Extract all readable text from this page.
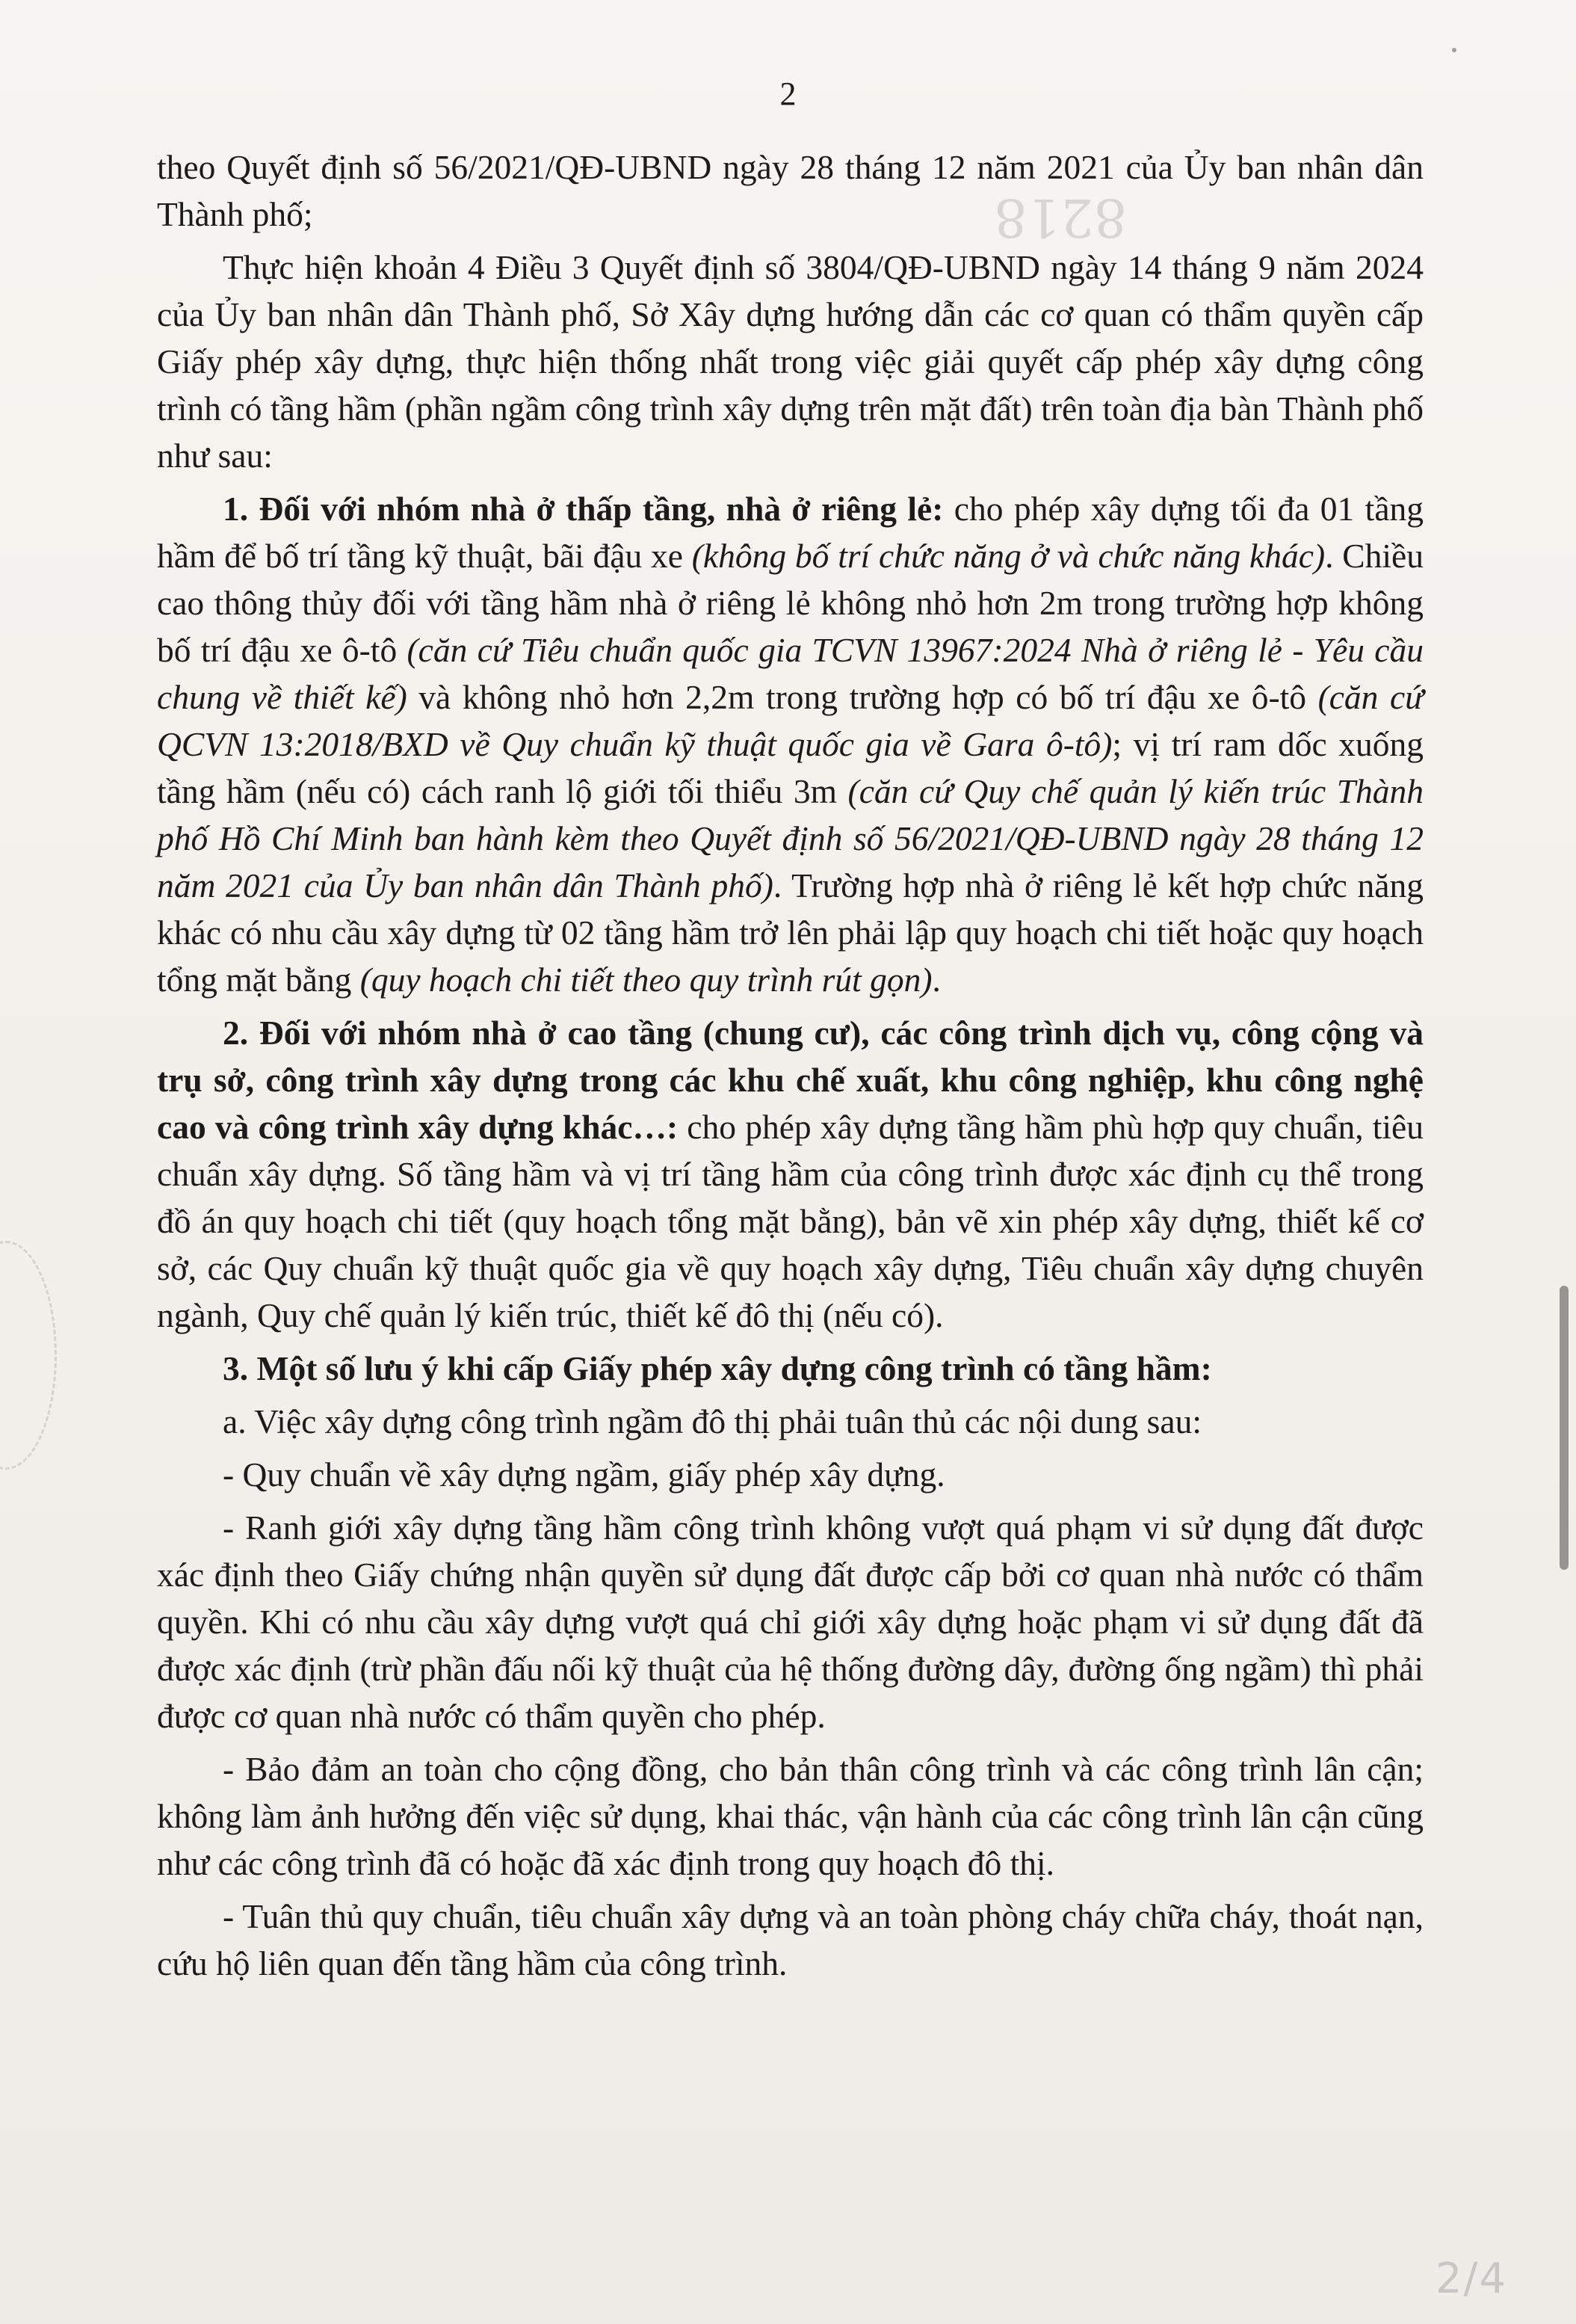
2
8218

theo Quyết định số 56/2021/QĐ-UBND ngày 28 tháng 12 năm 2021 của Ủy ban nhân dân Thành phố;

Thực hiện khoản 4 Điều 3 Quyết định số 3804/QĐ-UBND ngày 14 tháng 9 năm 2024 của Ủy ban nhân dân Thành phố, Sở Xây dựng hướng dẫn các cơ quan có thẩm quyền cấp Giấy phép xây dựng, thực hiện thống nhất trong việc giải quyết cấp phép xây dựng công trình có tầng hầm (phần ngầm công trình xây dựng trên mặt đất) trên toàn địa bàn Thành phố như sau:

1. Đối với nhóm nhà ở thấp tầng, nhà ở riêng lẻ: cho phép xây dựng tối đa 01 tầng hầm để bố trí tầng kỹ thuật, bãi đậu xe (không bố trí chức năng ở và chức năng khác). Chiều cao thông thủy đối với tầng hầm nhà ở riêng lẻ không nhỏ hơn 2m trong trường hợp không bố trí đậu xe ô-tô (căn cứ Tiêu chuẩn quốc gia TCVN 13967:2024 Nhà ở riêng lẻ - Yêu cầu chung về thiết kế) và không nhỏ hơn 2,2m trong trường hợp có bố trí đậu xe ô-tô (căn cứ QCVN 13:2018/BXD về Quy chuẩn kỹ thuật quốc gia về Gara ô-tô); vị trí ram dốc xuống tầng hầm (nếu có) cách ranh lộ giới tối thiểu 3m (căn cứ Quy chế quản lý kiến trúc Thành phố Hồ Chí Minh ban hành kèm theo Quyết định số 56/2021/QĐ-UBND ngày 28 tháng 12 năm 2021 của Ủy ban nhân dân Thành phố). Trường hợp nhà ở riêng lẻ kết hợp chức năng khác có nhu cầu xây dựng từ 02 tầng hầm trở lên phải lập quy hoạch chi tiết hoặc quy hoạch tổng mặt bằng (quy hoạch chi tiết theo quy trình rút gọn).

2. Đối với nhóm nhà ở cao tầng (chung cư), các công trình dịch vụ, công cộng và trụ sở, công trình xây dựng trong các khu chế xuất, khu công nghiệp, khu công nghệ cao và công trình xây dựng khác…: cho phép xây dựng tầng hầm phù hợp quy chuẩn, tiêu chuẩn xây dựng. Số tầng hầm và vị trí tầng hầm của công trình được xác định cụ thể trong đồ án quy hoạch chi tiết (quy hoạch tổng mặt bằng), bản vẽ xin phép xây dựng, thiết kế cơ sở, các Quy chuẩn kỹ thuật quốc gia về quy hoạch xây dựng, Tiêu chuẩn xây dựng chuyên ngành, Quy chế quản lý kiến trúc, thiết kế đô thị (nếu có).

3. Một số lưu ý khi cấp Giấy phép xây dựng công trình có tầng hầm:

a. Việc xây dựng công trình ngầm đô thị phải tuân thủ các nội dung sau:

- Quy chuẩn về xây dựng ngầm, giấy phép xây dựng.

- Ranh giới xây dựng tầng hầm công trình không vượt quá phạm vi sử dụng đất được xác định theo Giấy chứng nhận quyền sử dụng đất được cấp bởi cơ quan nhà nước có thẩm quyền. Khi có nhu cầu xây dựng vượt quá chỉ giới xây dựng hoặc phạm vi sử dụng đất đã được xác định (trừ phần đấu nối kỹ thuật của hệ thống đường dây, đường ống ngầm) thì phải được cơ quan nhà nước có thẩm quyền cho phép.

- Bảo đảm an toàn cho cộng đồng, cho bản thân công trình và các công trình lân cận; không làm ảnh hưởng đến việc sử dụng, khai thác, vận hành của các công trình lân cận cũng như các công trình đã có hoặc đã xác định trong quy hoạch đô thị.

- Tuân thủ quy chuẩn, tiêu chuẩn xây dựng và an toàn phòng cháy chữa cháy, thoát nạn, cứu hộ liên quan đến tầng hầm của công trình.

2/4
